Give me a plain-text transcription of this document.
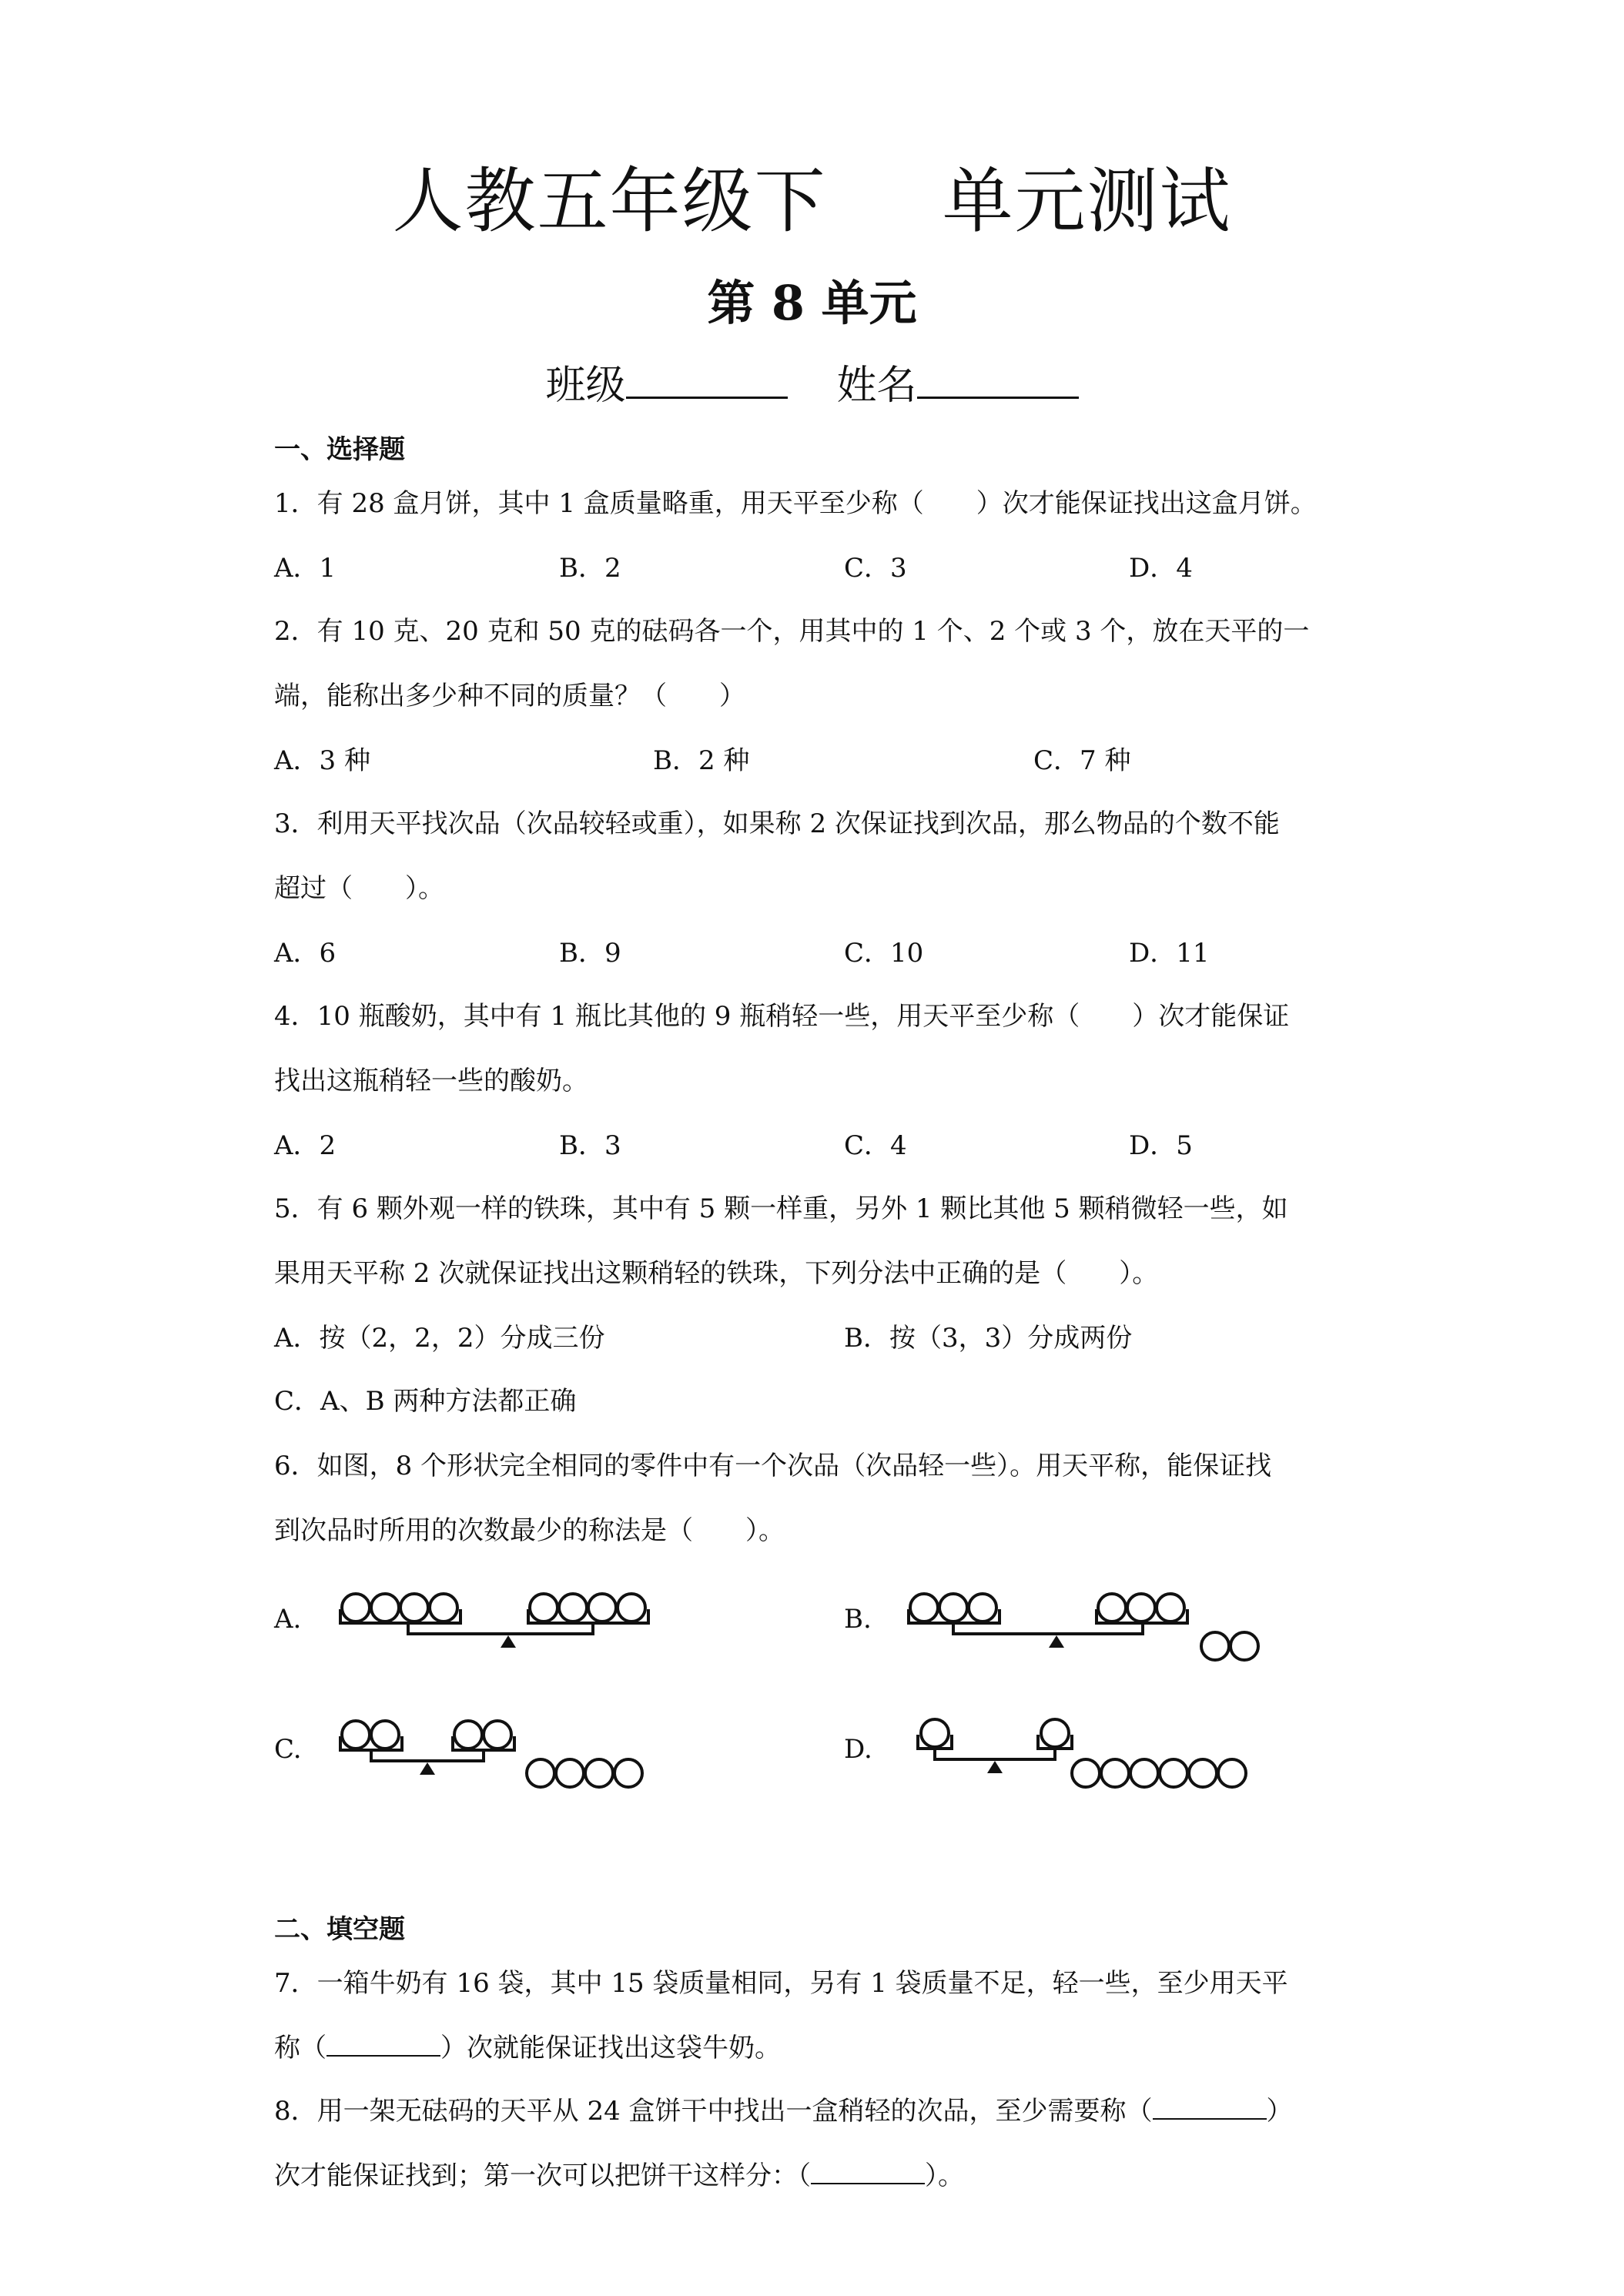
人教五年级下 单元测试
第 8 单元
班级	姓名
一、选择题
1．有 28 盒月饼，其中 1 盒质量略重，用天平至少称（　　）次才能保证找出这盒月饼。
A．1	B．2	C．3	D．4
2．有 10 克、20 克和 50 克的砝码各一个，用其中的 1 个、2 个或 3 个，放在天平的一
端，能称出多少种不同的质量？（　　）
A．3 种	B．2 种	C．7 种
3．利用天平找次品（次品较轻或重），如果称 2 次保证找到次品，那么物品的个数不能
超过（　　）。
A．6	B．9	C．10	D．11
4．10 瓶酸奶，其中有 1 瓶比其他的 9 瓶稍轻一些，用天平至少称（　　）次才能保证
找出这瓶稍轻一些的酸奶。
A．2	B．3	C．4	D．5
5．有 6 颗外观一样的铁珠，其中有 5 颗一样重，另外 1 颗比其他 5 颗稍微轻一些，如
果用天平称 2 次就保证找出这颗稍轻的铁珠，下列分法中正确的是（　　）。
A．按（2，2，2）分成三份	B．按（3，3）分成两份
C．A、B 两种方法都正确
6．如图，8 个形状完全相同的零件中有一个次品（次品轻一些）。用天平称，能保证找
到次品时所用的次数最少的称法是（　　）。
A.	B.
C.	D.
二、填空题
7．一箱牛奶有 16 袋，其中 15 袋质量相同，另有 1 袋质量不足，轻一些，至少用天平
称（	）次就能保证找出这袋牛奶。
8．用一架无砝码的天平从 24 盒饼干中找出一盒稍轻的次品，至少需要称（	）
次才能保证找到；第一次可以把饼干这样分：（	）。
